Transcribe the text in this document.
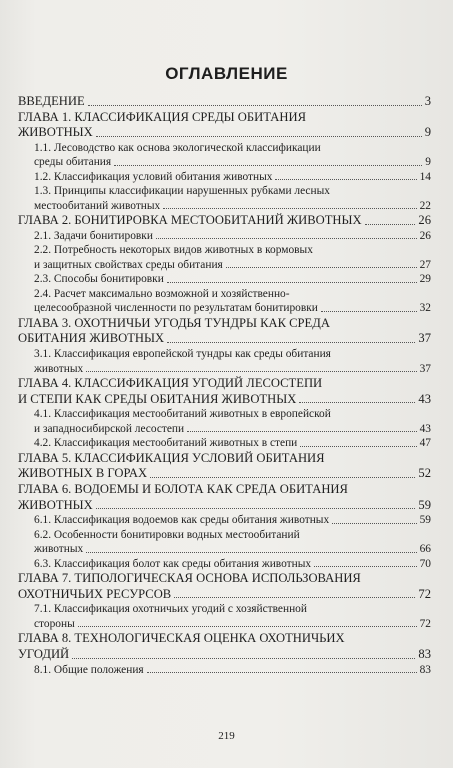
ОГЛАВЛЕНИЕ
ВВЕДЕНИЕ	3
ГЛАВА 1. КЛАССИФИКАЦИЯ СРЕДЫ ОБИТАНИЯ
ЖИВОТНЫХ	9
1.1. Лесоводство как основа экологической классификации
среды обитания	9
1.2. Классификация условий обитания животных	14
1.3. Принципы классификации нарушенных рубками лесных
местообитаний животных	22
ГЛАВА 2. БОНИТИРОВКА МЕСТООБИТАНИЙ ЖИВОТНЫХ	26
2.1. Задачи бонитировки	26
2.2. Потребность некоторых видов животных в кормовых
и защитных свойствах среды обитания	27
2.3. Способы бонитировки	29
2.4. Расчет максимально возможной и хозяйственно-
целесообразной численности по результатам бонитировки	32
ГЛАВА 3. ОХОТНИЧЬИ УГОДЬЯ ТУНДРЫ КАК СРЕДА
ОБИТАНИЯ ЖИВОТНЫХ	37
3.1. Классификация европейской тундры как среды обитания
животных	37
ГЛАВА 4. КЛАССИФИКАЦИЯ УГОДИЙ ЛЕСОСТЕПИ
И СТЕПИ КАК СРЕДЫ ОБИТАНИЯ ЖИВОТНЫХ	43
4.1. Классификация местообитаний животных в европейской
и западносибирской лесостепи	43
4.2. Классификация местообитаний животных в степи	47
ГЛАВА 5. КЛАССИФИКАЦИЯ УСЛОВИЙ ОБИТАНИЯ
ЖИВОТНЫХ В ГОРАХ	52
ГЛАВА 6. ВОДОЕМЫ И БОЛОТА КАК СРЕДА ОБИТАНИЯ
ЖИВОТНЫХ	59
6.1. Классификация водоемов как среды обитания животных	59
6.2. Особенности бонитировки водных местообитаний
животных	66
6.3. Классификация болот как среды обитания животных	70
ГЛАВА 7. ТИПОЛОГИЧЕСКАЯ ОСНОВА ИСПОЛЬЗОВАНИЯ
ОХОТНИЧЬИХ РЕСУРСОВ	72
7.1. Классификация охотничьих угодий с хозяйственной
стороны	72
ГЛАВА 8. ТЕХНОЛОГИЧЕСКАЯ ОЦЕНКА ОХОТНИЧЬИХ
УГОДИЙ	83
8.1. Общие положения	83
219
